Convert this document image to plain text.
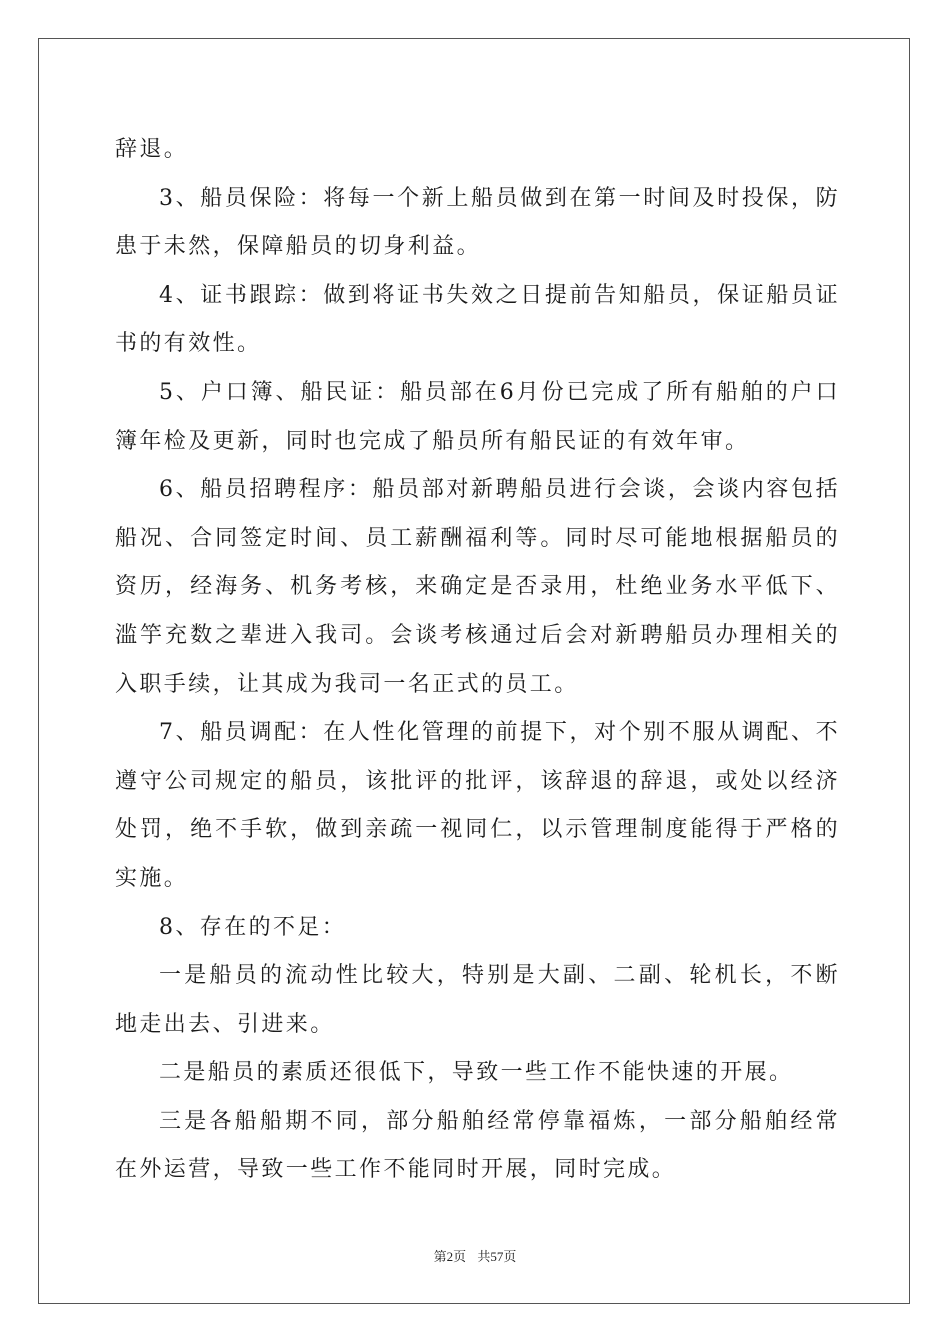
辞退。

3、船员保险：将每一个新上船员做到在第一时间及时投保，防患于未然，保障船员的切身利益。

4、证书跟踪：做到将证书失效之日提前告知船员，保证船员证书的有效性。

5、户口簿、船民证：船员部在6月份已完成了所有船舶的户口簿年检及更新，同时也完成了船员所有船民证的有效年审。

6、船员招聘程序：船员部对新聘船员进行会谈，会谈内容包括船况、合同签定时间、员工薪酬福利等。同时尽可能地根据船员的资历，经海务、机务考核，来确定是否录用，杜绝业务水平低下、滥竽充数之辈进入我司。会谈考核通过后会对新聘船员办理相关的入职手续，让其成为我司一名正式的员工。

7、船员调配：在人性化管理的前提下，对个别不服从调配、不遵守公司规定的船员，该批评的批评，该辞退的辞退，或处以经济处罚，绝不手软，做到亲疏一视同仁，以示管理制度能得于严格的实施。

8、存在的不足：

一是船员的流动性比较大，特别是大副、二副、轮机长，不断地走出去、引进来。

二是船员的素质还很低下，导致一些工作不能快速的开展。

三是各船船期不同，部分船舶经常停靠福炼，一部分船舶经常在外运营，导致一些工作不能同时开展，同时完成。

第2页 共57页
